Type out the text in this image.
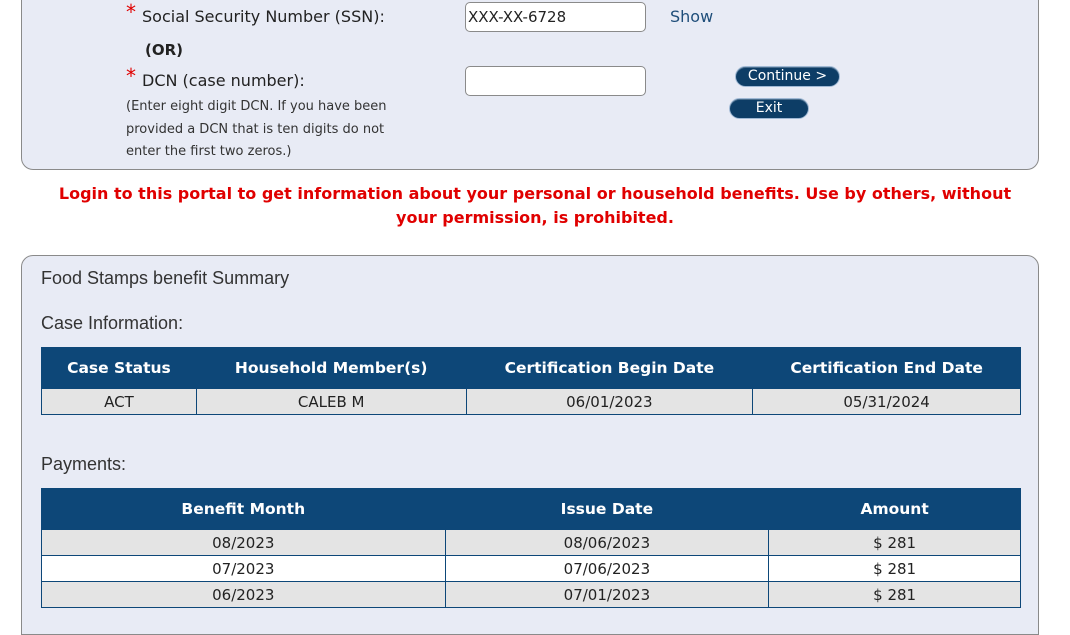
* Social Security Number (SSN):
XXX-XX-6728	Show
(OR)
* DCN (case number):
(Enter eight digit DCN. If you have been provided a DCN that is ten digits do not enter the first two zeros.)
Continue >
Exit
Login to this portal to get information about your personal or household benefits. Use by others, without your permission, is prohibited.
Food Stamps benefit Summary
Case Information:
Case Status	Household Member(s)	Certification Begin Date	Certification End Date
ACT	CALEB M	06/01/2023	05/31/2024
Payments:
Benefit Month	Issue Date	Amount
08/2023	08/06/2023	$ 281
07/2023	07/06/2023	$ 281
06/2023	07/01/2023	$ 281
